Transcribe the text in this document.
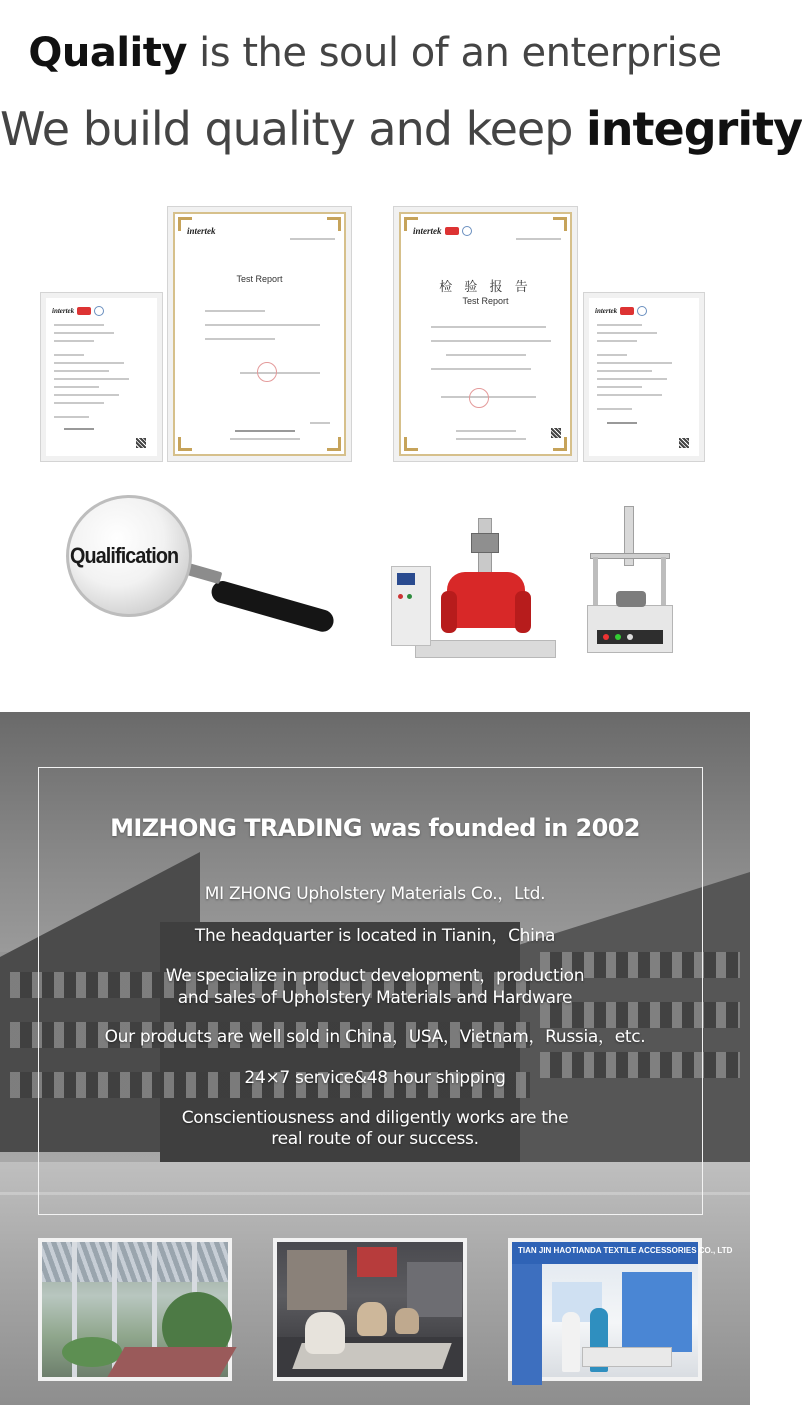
Quality is the soul of an enterprise
We build quality and keep integrity
intertek
intertek
Test Report
intertek
检 验 报 告
Test Report
intertek
Qualification
MIZHONG TRADING was founded in 2002
MI ZHONG Upholstery Materials Co.，Ltd.
The headquarter is located in Tianin，China
We specialize in product development，production
and sales of Upholstery Materials and Hardware
Our products are well sold in China，USA，Vietnam，Russia，etc.
24×7 service&48 hour shipping
Conscientiousness and diligently works are the
real route of our success.
TIAN JIN HAOTIANDA TEXTILE ACCESSORIES CO., LTD
